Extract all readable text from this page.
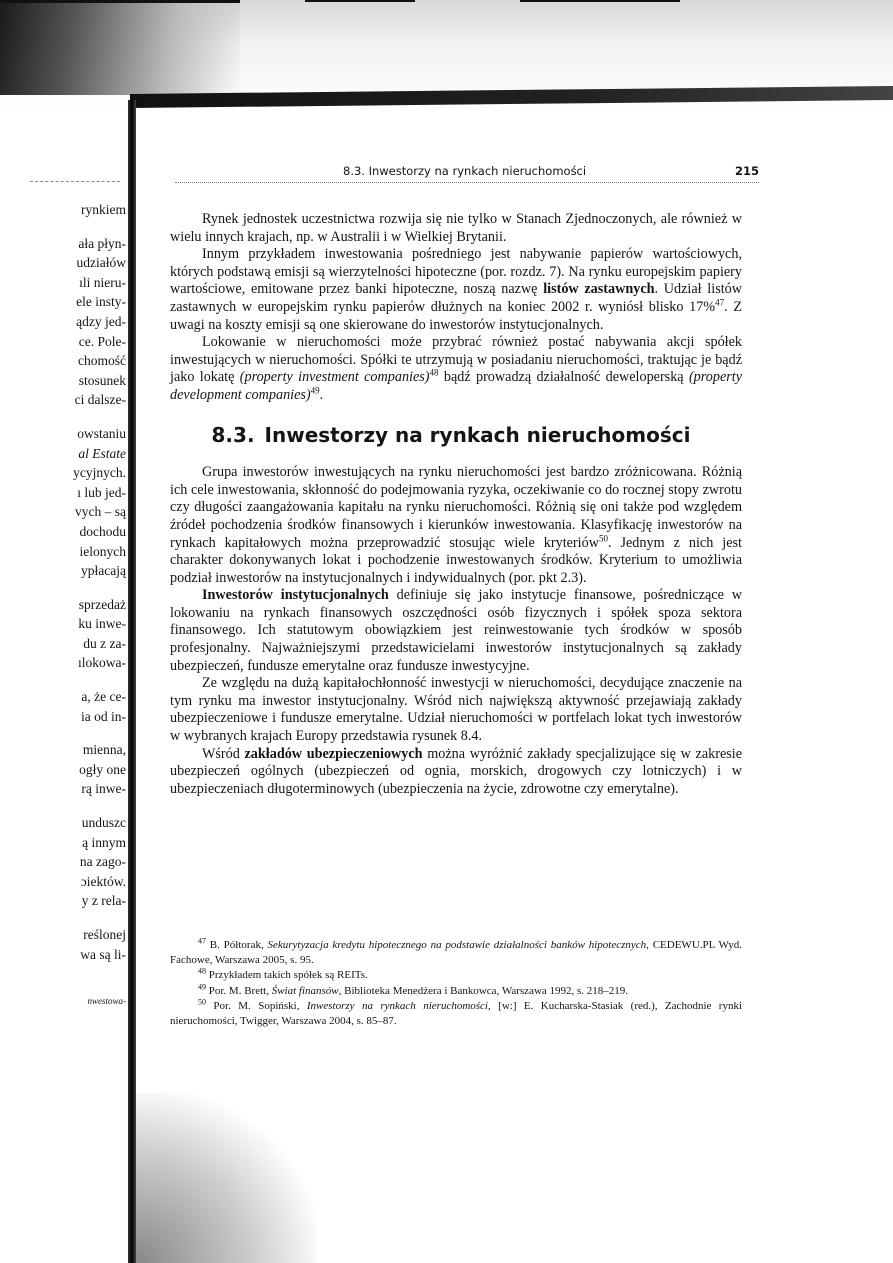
rynkiem
ała płyn-
udziałów
ıli nieru-
ele insty-
ądzy jed-
ce. Pole-
chomość
stosunek
ci dalsze-
owstaniu
al Estate
ycyjnych.
ı lub jed-
vych – są
dochodu
ielonych
ypłacają
sprzedaż
ku inwe-
du z za-
ılokowa-
a, że ce-
ia od in-
mienna,
ogły one
rą inwe-
unduszc
ą innym
na zago-
ɔiektów.
y z rela-
reślonej
wa są li-
nwestowa-
8.3. Inwestorzy na rynkach nieruchomości	215

Rynek jednostek uczestnictwa rozwija się nie tylko w Stanach Zjednoczonych, ale również w wielu innych krajach, np. w Australii i w Wielkiej Brytanii.

Innym przykładem inwestowania pośredniego jest nabywanie papierów wartościowych, których podstawą emisji są wierzytelności hipoteczne (por. rozdz. 7). Na rynku europejskim papiery wartościowe, emitowane przez banki hipoteczne, noszą nazwę listów zastawnych. Udział listów zastawnych w europejskim rynku papierów dłużnych na koniec 2002 r. wyniósł blisko 17%$^{47}$. Z uwagi na koszty emisji są one skierowane do inwestorów instytucjonalnych.

Lokowanie w nieruchomości może przybrać również postać nabywania akcji spółek inwestujących w nieruchomości. Spółki te utrzymują w posiadaniu nieruchomości, traktując je bądź jako lokatę (property investment companies)$^{48}$ bądź prowadzą działalność deweloperską (property development companies)$^{49}$.

8.3. Inwestorzy na rynkach nieruchomości

Grupa inwestorów inwestujących na rynku nieruchomości jest bardzo zróżnicowana. Różnią ich cele inwestowania, skłonność do podejmowania ryzyka, oczekiwanie co do rocznej stopy zwrotu czy długości zaangażowania kapitału na rynku nieruchomości. Różnią się oni także pod względem źródeł pochodzenia środków finansowych i kierunków inwestowania. Klasyfikację inwestorów na rynkach kapitałowych można przeprowadzić stosując wiele kryteriów$^{50}$. Jednym z nich jest charakter dokonywanych lokat i pochodzenie inwestowanych środków. Kryterium to umożliwia podział inwestorów na instytucjonalnych i indywidualnych (por. pkt 2.3).

Inwestorów instytucjonalnych definiuje się jako instytucje finansowe, pośredniczące w lokowaniu na rynkach finansowych oszczędności osób fizycznych i spółek spoza sektora finansowego. Ich statutowym obowiązkiem jest reinwestowanie tych środków w sposób profesjonalny. Najważniejszymi przedstawicielami inwestorów instytucjonalnych są zakłady ubezpieczeń, fundusze emerytalne oraz fundusze inwestycyjne.

Ze względu na dużą kapitałochłonność inwestycji w nieruchomości, decydujące znaczenie na tym rynku ma inwestor instytucjonalny. Wśród nich największą aktywność przejawiają zakłady ubezpieczeniowe i fundusze emerytalne. Udział nieruchomości w portfelach lokat tych inwestorów w wybranych krajach Europy przedstawia rysunek 8.4.

Wśród zakładów ubezpieczeniowych można wyróżnić zakłady specjalizujące się w zakresie ubezpieczeń ogólnych (ubezpieczeń od ognia, morskich, drogowych czy lotniczych) i w ubezpieczeniach długoterminowych (ubezpieczenia na życie, zdrowotne czy emerytalne).

$^{47}$ B. Półtorak, Sekurytyzacja kredytu hipotecznego na podstawie działalności banków hipotecznych, CEDEWU.PL Wyd. Fachowe, Warszawa 2005, s. 95.
$^{48}$ Przykładem takich spółek są REITs.
$^{49}$ Por. M. Brett, Świat finansów, Biblioteka Menedżera i Bankowca, Warszawa 1992, s. 218–219.
$^{50}$ Por. M. Sopiński, Inwestorzy na rynkach nieruchomości, [w:] E. Kucharska-Stasiak (red.), Zachodnie rynki nieruchomości, Twigger, Warszawa 2004, s. 85–87.
